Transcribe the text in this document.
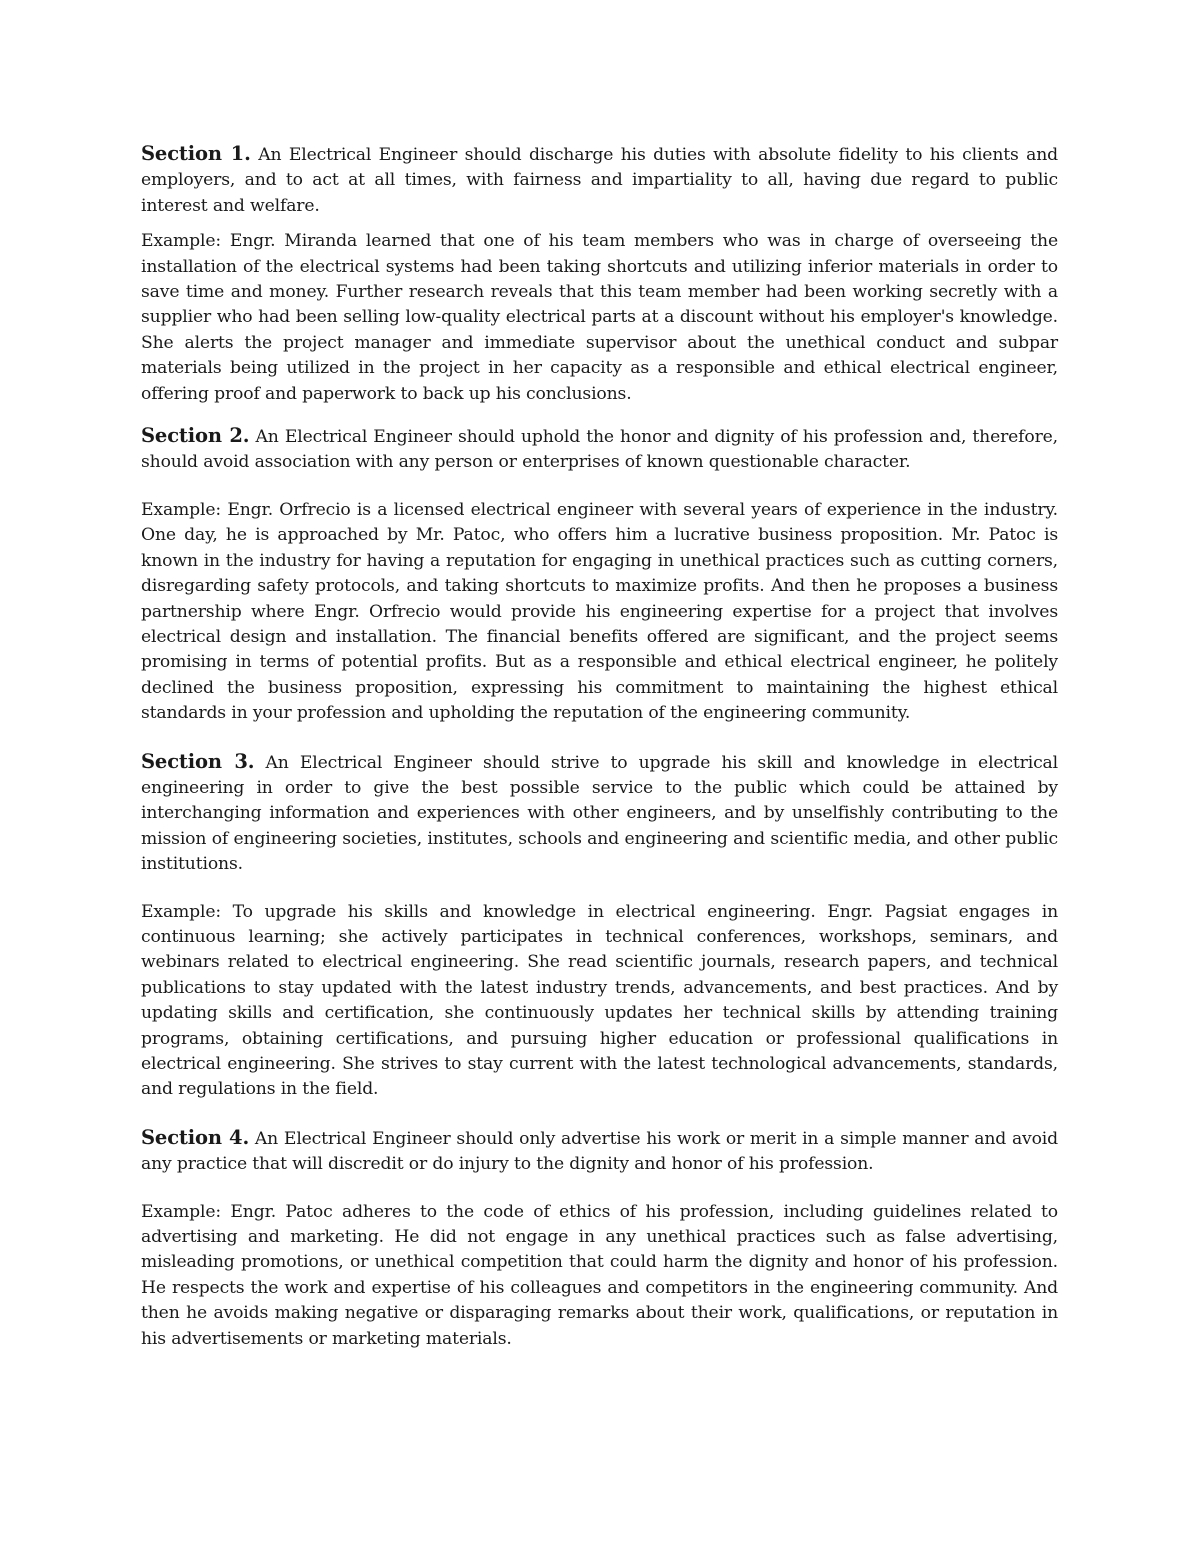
Section 1. An Electrical Engineer should discharge his duties with absolute fidelity to his clients and employers, and to act at all times, with fairness and impartiality to all, having due regard to public interest and welfare.

Example: Engr. Miranda learned that one of his team members who was in charge of overseeing the installation of the electrical systems had been taking shortcuts and utilizing inferior materials in order to save time and money. Further research reveals that this team member had been working secretly with a supplier who had been selling low-quality electrical parts at a discount without his employer's knowledge. She alerts the project manager and immediate supervisor about the unethical conduct and subpar materials being utilized in the project in her capacity as a responsible and ethical electrical engineer, offering proof and paperwork to back up his conclusions.

Section 2. An Electrical Engineer should uphold the honor and dignity of his profession and, therefore, should avoid association with any person or enterprises of known questionable character.

Example: Engr. Orfrecio is a licensed electrical engineer with several years of experience in the industry. One day, he is approached by Mr. Patoc, who offers him a lucrative business proposition. Mr. Patoc is known in the industry for having a reputation for engaging in unethical practices such as cutting corners, disregarding safety protocols, and taking shortcuts to maximize profits. And then he proposes a business partnership where Engr. Orfrecio would provide his engineering expertise for a project that involves electrical design and installation. The financial benefits offered are significant, and the project seems promising in terms of potential profits. But as a responsible and ethical electrical engineer, he politely declined the business proposition, expressing his commitment to maintaining the highest ethical standards in your profession and upholding the reputation of the engineering community.

Section 3. An Electrical Engineer should strive to upgrade his skill and knowledge in electrical engineering in order to give the best possible service to the public which could be attained by interchanging information and experiences with other engineers, and by unselfishly contributing to the mission of engineering societies, institutes, schools and engineering and scientific media, and other public institutions.

Example: To upgrade his skills and knowledge in electrical engineering. Engr. Pagsiat engages in continuous learning; she actively participates in technical conferences, workshops, seminars, and webinars related to electrical engineering. She read scientific journals, research papers, and technical publications to stay updated with the latest industry trends, advancements, and best practices. And by updating skills and certification, she continuously updates her technical skills by attending training programs, obtaining certifications, and pursuing higher education or professional qualifications in electrical engineering. She strives to stay current with the latest technological advancements, standards, and regulations in the field.

Section 4. An Electrical Engineer should only advertise his work or merit in a simple manner and avoid any practice that will discredit or do injury to the dignity and honor of his profession.

Example: Engr. Patoc adheres to the code of ethics of his profession, including guidelines related to advertising and marketing. He did not engage in any unethical practices such as false advertising, misleading promotions, or unethical competition that could harm the dignity and honor of his profession. He respects the work and expertise of his colleagues and competitors in the engineering community. And then he avoids making negative or disparaging remarks about their work, qualifications, or reputation in his advertisements or marketing materials.
